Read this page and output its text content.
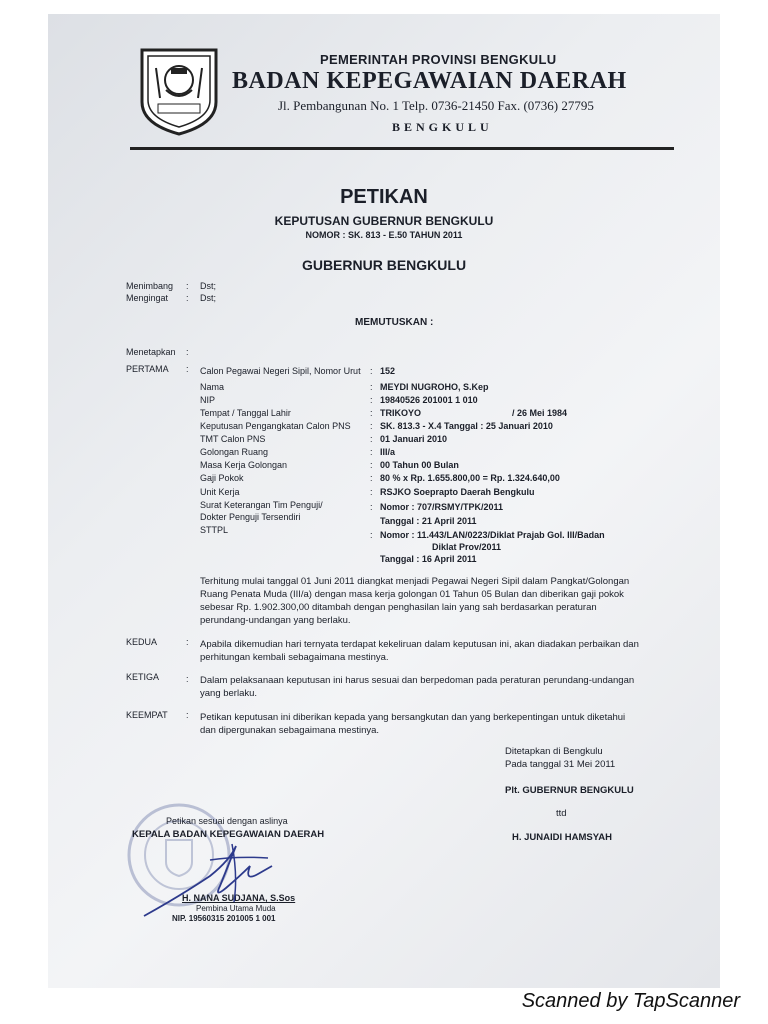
PEMERINTAH PROVINSI BENGKULU
BADAN KEPEGAWAIAN DAERAH
Jl. Pembangunan No. 1 Telp. 0736-21450 Fax. (0736) 27795
BENGKULU
PETIKAN
KEPUTUSAN GUBERNUR BENGKULU
NOMOR : SK. 813 - E.50 TAHUN 2011
GUBERNUR BENGKULU
Menimbang : Dst;
Mengingat : Dst;
MEMUTUSKAN :
Menetapkan :
PERTAMA : Calon Pegawai Negeri Sipil, Nomor Urut : 152
Nama	: MEYDI NUGROHO, S.Kep
NIP	: 19840526 201001 1 010
Tempat / Tanggal Lahir	: TRIKOYO	/ 26 Mei 1984
Keputusan Pengangkatan Calon PNS : SK. 813.3 - X.4 Tanggal : 25 Januari 2010
TMT Calon PNS	: 01 Januari 2010
Golongan Ruang	: III/a
Masa Kerja Golongan	: 00 Tahun 00 Bulan
Gaji Pokok	: 80 % x Rp. 1.655.800,00 = Rp. 1.324.640,00
Unit Kerja	: RSJKO Soeprapto Daerah Bengkulu
Surat Keterangan Tim Penguji/	: Nomor : 707/RSMY/TPK/2011
Dokter Penguji Tersendiri	Tanggal : 21 April 2011
STTPL	: Nomor : 11.443/LAN/0223/Diklat Prajab Gol. III/Badan
Diklat Prov/2011
Tanggal : 16 April 2011
Terhitung mulai tanggal 01 Juni 2011 diangkat menjadi Pegawai Negeri Sipil dalam Pangkat/Golongan
Ruang Penata Muda (III/a) dengan masa kerja golongan 01 Tahun 05 Bulan dan diberikan gaji pokok
sebesar Rp. 1.902.300,00 ditambah dengan penghasilan lain yang sah berdasarkan peraturan
perundang-undangan yang berlaku.
KEDUA	: Apabila dikemudian hari ternyata terdapat kekeliruan dalam keputusan ini, akan diadakan perbaikan dan
perhitungan kembali sebagaimana mestinya.
KETIGA	: Dalam pelaksanaan keputusan ini harus sesuai dan berpedoman pada peraturan perundang-undangan
yang berlaku.
KEEMPAT : Petikan keputusan ini diberikan kepada yang bersangkutan dan yang berkepentingan untuk diketahui
dan dipergunakan sebagaimana mestinya.
Ditetapkan di Bengkulu
Pada tanggal 31 Mei 2011
Plt. GUBERNUR BENGKULU
ttd
H. JUNAIDI HAMSYAH
Petikan sesuai dengan aslinya
KEPALA BADAN KEPEGAWAIAN DAERAH
H. NANA SUDJANA, S.Sos
Pembina Utama Muda
NIP. 19560315 201005 1 001
Scanned by TapScanner
